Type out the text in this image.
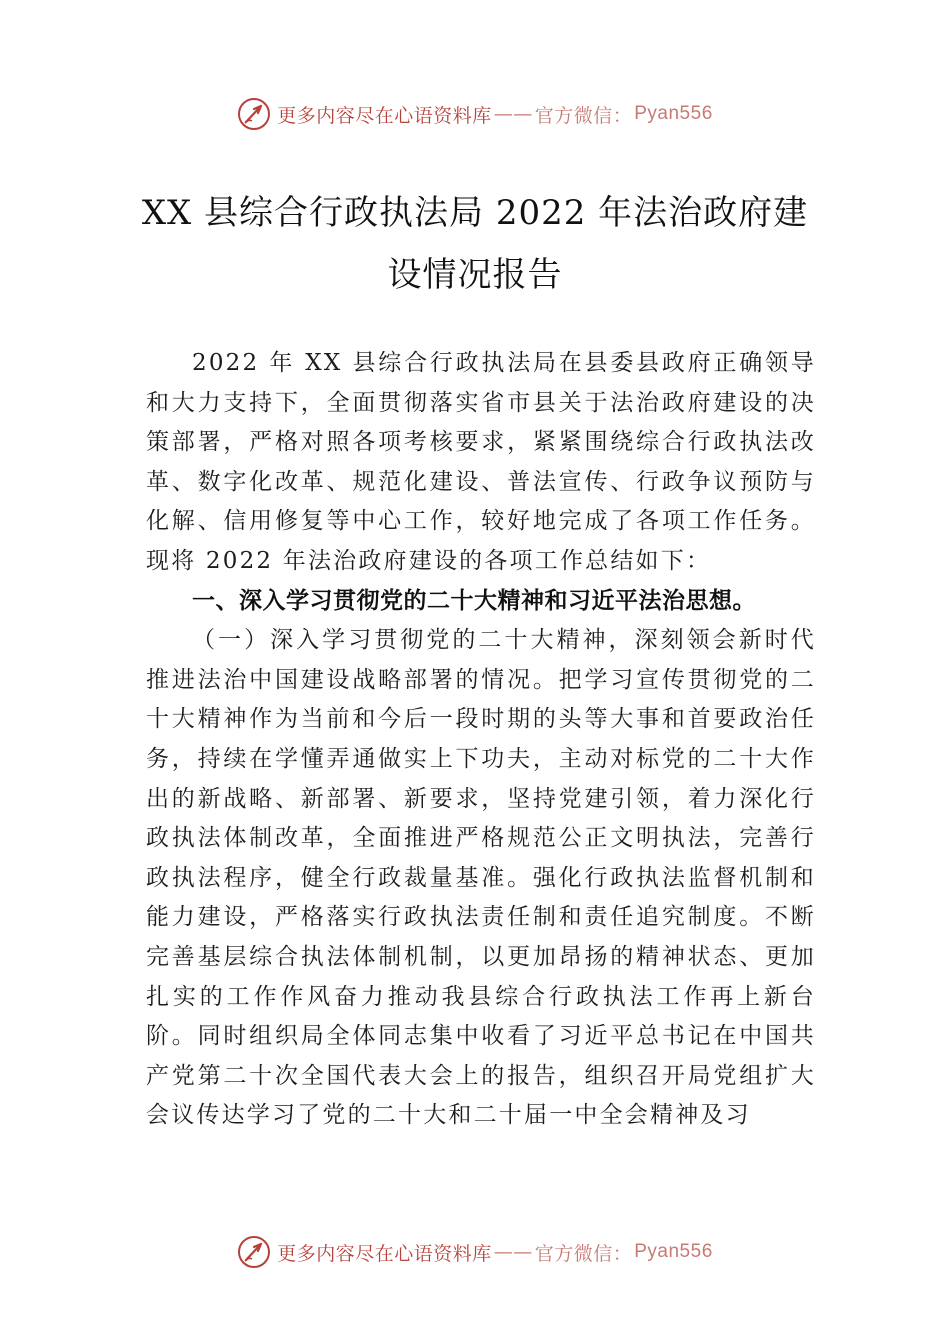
更多内容尽在心语资料库 —— 官方微信： Pyan556
XX 县综合行政执法局 2022 年法治政府建
设情况报告

2022 年 XX 县综合行政执法局在县委县政府正确领导和大力支持下，全面贯彻落实省市县关于法治政府建设的决策部署，严格对照各项考核要求，紧紧围绕综合行政执法改革、数字化改革、规范化建设、普法宣传、行政争议预防与化解、信用修复等中心工作，较好地完成了各项工作任务。现将 2022 年法治政府建设的各项工作总结如下：

一、深入学习贯彻党的二十大精神和习近平法治思想。

（一）深入学习贯彻党的二十大精神，深刻领会新时代推进法治中国建设战略部署的情况。把学习宣传贯彻党的二十大精神作为当前和今后一段时期的头等大事和首要政治任务，持续在学懂弄通做实上下功夫，主动对标党的二十大作出的新战略、新部署、新要求，坚持党建引领，着力深化行政执法体制改革，全面推进严格规范公正文明执法，完善行政执法程序，健全行政裁量基准。强化行政执法监督机制和能力建设，严格落实行政执法责任制和责任追究制度。不断完善基层综合执法体制机制，以更加昂扬的精神状态、更加扎实的工作作风奋力推动我县综合行政执法工作再上新台阶。同时组织局全体同志集中收看了习近平总书记在中国共产党第二十次全国代表大会上的报告，组织召开局党组扩大会议传达学习了党的二十大和二十届一中全会精神及习

更多内容尽在心语资料库 —— 官方微信： Pyan556
